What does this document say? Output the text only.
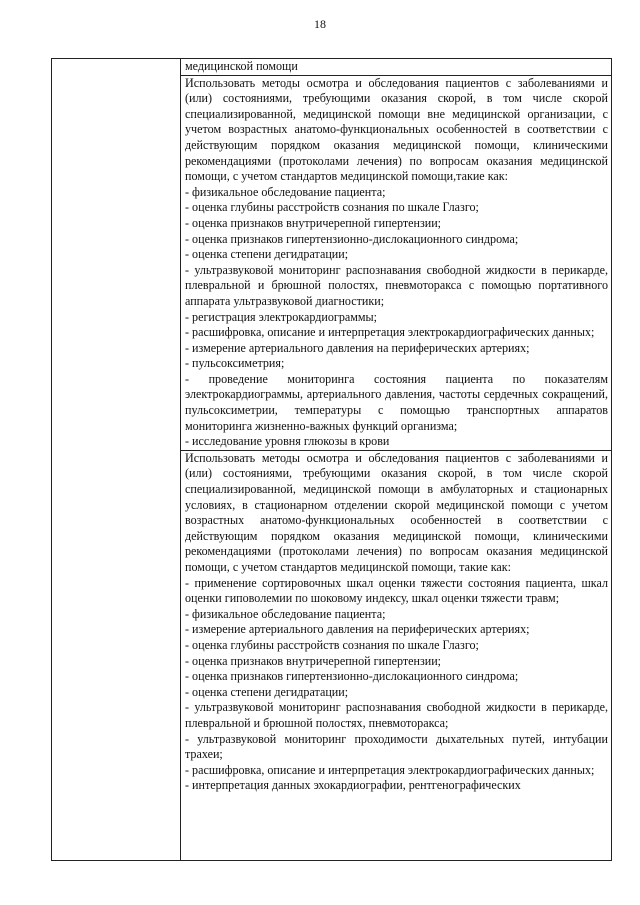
18

медицинской помощи

Использовать методы осмотра и обследования пациентов с заболеваниями и (или) состояниями, требующими оказания скорой, в том числе скорой специализированной, медицинской помощи вне медицинской организации, с учетом возрастных анатомо-функциональных особенностей в соответствии с действующим порядком оказания медицинской помощи, клиническими рекомендациями (протоколами лечения) по вопросам оказания медицинской помощи, с учетом стандартов медицинской помощи,такие как:

- физикальное обследование пациента;

- оценка глубины расстройств сознания по шкале Глазго;

- оценка признаков внутричерепной гипертензии;

- оценка признаков гипертензионно-дислокационного синдрома;

- оценка степени дегидратации;

- ультразвуковой мониторинг распознавания свободной жидкости в перикарде, плевральной и брюшной полостях, пневмоторакса с помощью портативного аппарата ультразвуковой диагностики;

- регистрация электрокардиограммы;

- расшифровка, описание и интерпретация электрокардиографических данных;

- измерение артериального давления на периферических артериях;

- пульсоксиметрия;

- проведение мониторинга состояния пациента по показателям электрокардиограммы, артериального давления, частоты сердечных сокращений, пульсоксиметрии, температуры с помощью транспортных аппаратов мониторинга жизненно-важных функций организма;

- исследование уровня глюкозы в крови

Использовать методы осмотра и обследования пациентов с заболеваниями и (или) состояниями, требующими оказания скорой, в том числе скорой специализированной, медицинской помощи в амбулаторных и стационарных условиях, в стационарном отделении скорой медицинской помощи с учетом возрастных анатомо-функциональных особенностей в соответствии с действующим порядком оказания медицинской помощи, клиническими рекомендациями (протоколами лечения) по вопросам оказания медицинской помощи, с учетом стандартов медицинской помощи, такие как:

- применение сортировочных шкал оценки тяжести состояния пациента, шкал оценки гиповолемии по шоковому индексу, шкал оценки тяжести травм;

- физикальное обследование пациента;

- измерение артериального давления на периферических артериях;

- оценка глубины расстройств сознания по шкале Глазго;

- оценка признаков внутричерепной гипертензии;

- оценка признаков гипертензионно-дислокационного синдрома;

- оценка степени дегидратации;

- ультразвуковой мониторинг распознавания свободной жидкости в перикарде, плевральной и брюшной полостях, пневмоторакса;

- ультразвуковой мониторинг проходимости дыхательных путей, интубации трахеи;

- расшифровка, описание и интерпретация электрокардиографических данных;

- интерпретация данных эхокардиографии, рентгенографических
